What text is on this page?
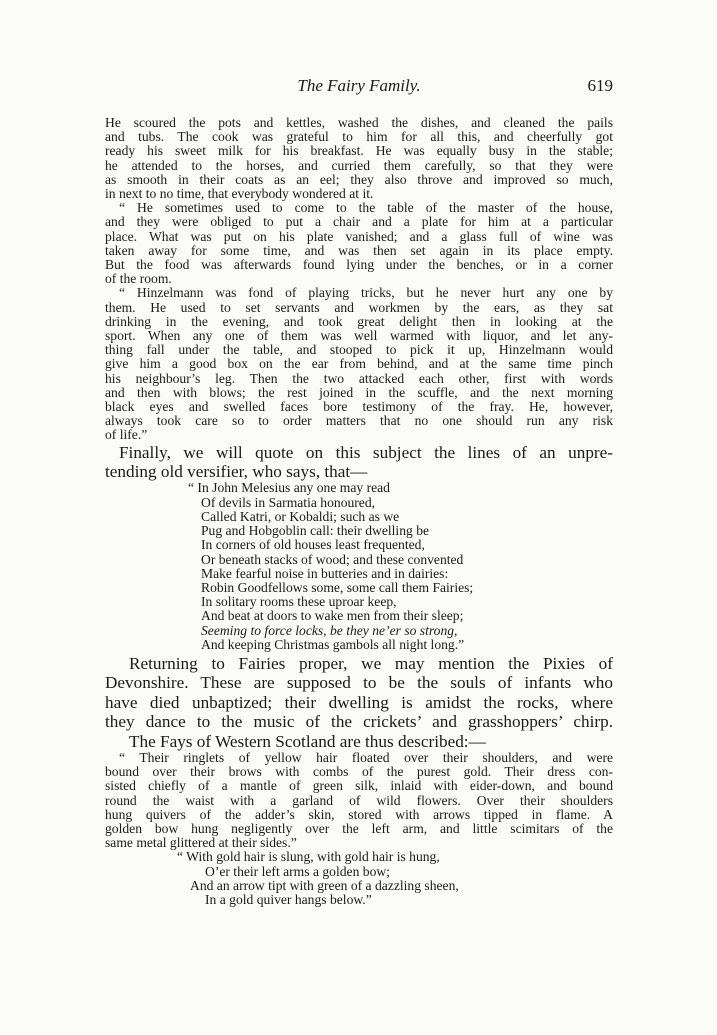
The Fairy Family.	619
He scoured the pots and kettles, washed the dishes, and cleaned the pails
and tubs. The cook was grateful to him for all this, and cheerfully got
ready his sweet milk for his breakfast. He was equally busy in the stable;
he attended to the horses, and curried them carefully, so that they were
as smooth in their coats as an eel; they also throve and improved so much,
in next to no time, that everybody wondered at it.
“ He sometimes used to come to the table of the master of the house,
and they were obliged to put a chair and a plate for him at a particular
place. What was put on his plate vanished; and a glass full of wine was
taken away for some time, and was then set again in its place empty.
But the food was afterwards found lying under the benches, or in a corner
of the room.
“ Hinzelmann was fond of playing tricks, but he never hurt any one by
them. He used to set servants and workmen by the ears, as they sat
drinking in the evening, and took great delight then in looking at the
sport. When any one of them was well warmed with liquor, and let any-
thing fall under the table, and stooped to pick it up, Hinzelmann would
give him a good box on the ear from behind, and at the same time pinch
his neighbour’s leg. Then the two attacked each other, first with words
and then with blows; the rest joined in the scuffle, and the next morning
black eyes and swelled faces bore testimony of the fray. He, however,
always took care so to order matters that no one should run any risk
of life.”
Finally, we will quote on this subject the lines of an unpre-
tending old versifier, who says, that—
“ In John Melesius any one may read
Of devils in Sarmatia honoured,
Called Katri, or Kobaldi; such as we
Pug and Hobgoblin call: their dwelling be
In corners of old houses least frequented,
Or beneath stacks of wood; and these convented
Make fearful noise in butteries and in dairies:
Robin Goodfellows some, some call them Fairies;
In solitary rooms these uproar keep,
And beat at doors to wake men from their sleep;
Seeming to force locks, be they ne’er so strong,
And keeping Christmas gambols all night long.”
Returning to Fairies proper, we may mention the Pixies of
Devonshire. These are supposed to be the souls of infants who
have died unbaptized; their dwelling is amidst the rocks, where
they dance to the music of the crickets’ and grasshoppers’ chirp.
The Fays of Western Scotland are thus described:—
“ Their ringlets of yellow hair floated over their shoulders, and were
bound over their brows with combs of the purest gold. Their dress con-
sisted chiefly of a mantle of green silk, inlaid with eider-down, and bound
round the waist with a garland of wild flowers. Over their shoulders
hung quivers of the adder’s skin, stored with arrows tipped in flame. A
golden bow hung negligently over the left arm, and little scimitars of the
same metal glittered at their sides.”
“ With gold hair is slung, with gold hair is hung,
O’er their left arms a golden bow;
And an arrow tipt with green of a dazzling sheen,
In a gold quiver hangs below.”
